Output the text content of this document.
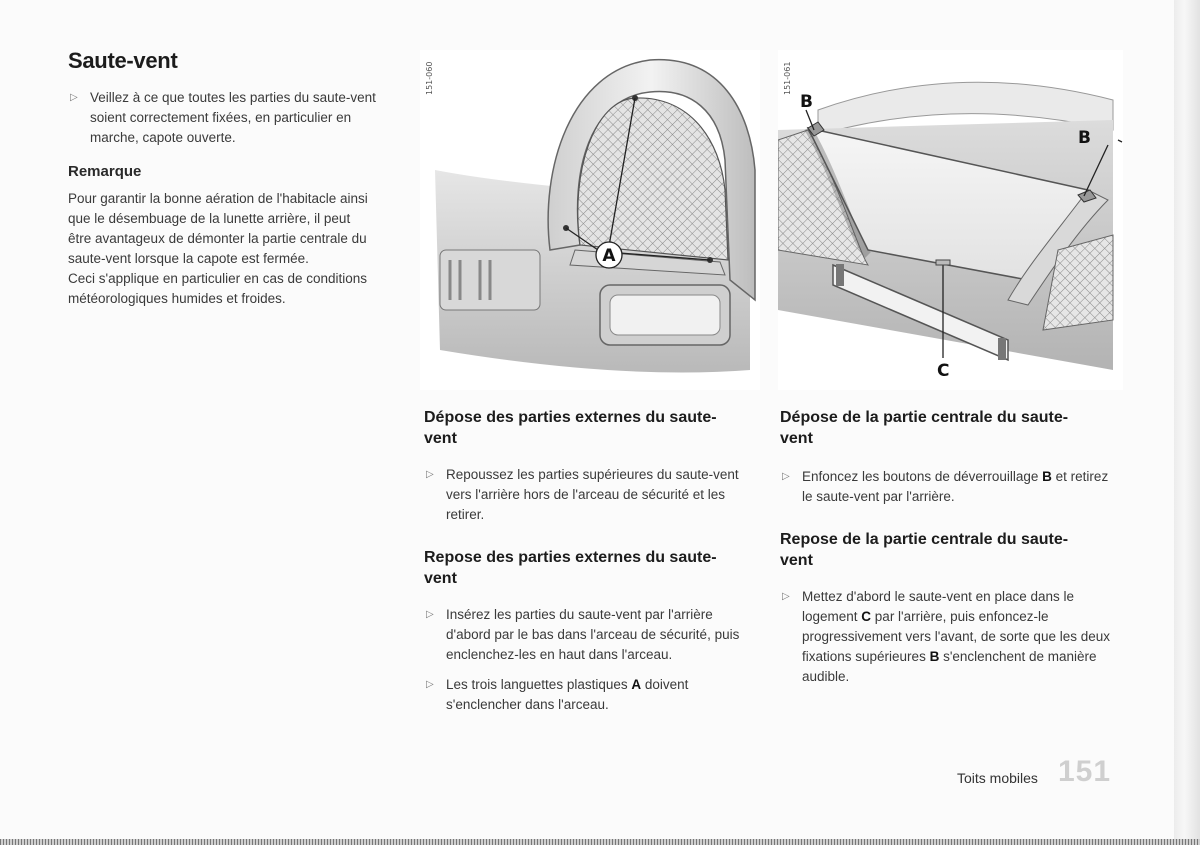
Saute-vent
▷ Veillez à ce que toutes les parties du saute-vent soient correctement fixées, en particulier en marche, capote ouverte.
Remarque
Pour garantir la bonne aération de l'habitacle ainsi
que le désembuage de la lunette arrière, il peut
être avantageux de démonter la partie centrale du
saute-vent lorsque la capote est fermée.
Ceci s'applique en particulier en cas de conditions
météorologiques humides et froides.
151-060
A
151-061
B
B
C
Dépose des parties externes du saute-vent
▷ Repoussez les parties supérieures du saute-vent vers l'arrière hors de l'arceau de sécurité et les retirer.
Repose des parties externes du saute-vent
▷ Insérez les parties du saute-vent par l'arrière d'abord par le bas dans l'arceau de sécurité, puis enclenchez-les en haut dans l'arceau.
▷ Les trois languettes plastiques A doivent s'enclencher dans l'arceau.
Dépose de la partie centrale du saute-vent
▷ Enfoncez les boutons de déverrouillage B et retirez le saute-vent par l'arrière.
Repose de la partie centrale du saute-vent
▷ Mettez d'abord le saute-vent en place dans le logement C par l'arrière, puis enfoncez-le progressivement vers l'avant, de sorte que les deux fixations supérieures B s'enclenchent de manière audible.
Toits mobiles 151
